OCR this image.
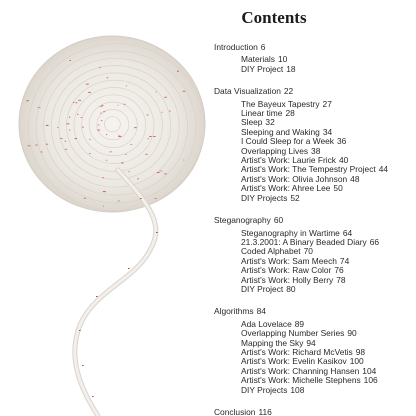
Contents
Introduction 6
Materials 10
DIY Project 18
Data Visualization 22
The Bayeux Tapestry 27
Linear time 28
Sleep 32
Sleeping and Waking 34
I Could Sleep for a Week 36
Overlapping Lives 38
Artist's Work: Laurie Frick 40
Artist's Work: The Tempestry Project 44
Artist's Work: Olivia Johnson 48
Artist's Work: Ahree Lee 50
DIY Projects 52
Steganography 60
Steganography in Wartime 64
21.3.2001: A Binary Beaded Diary 66
Coded Alphabet 70
Artist's Work: Sam Meech 74
Artist's Work: Raw Color 76
Artist's Work: Holly Berry 78
DIY Project 80
Algorithms 84
Ada Lovelace 89
Overlapping Number Series 90
Mapping the Sky 94
Artist's Work: Richard McVetis 98
Artist's Work: Evelin Kasikov 100
Artist's Work: Channing Hansen 104
Artist's Work: Michelle Stephens 106
DIY Projects 108
Conclusion 116
